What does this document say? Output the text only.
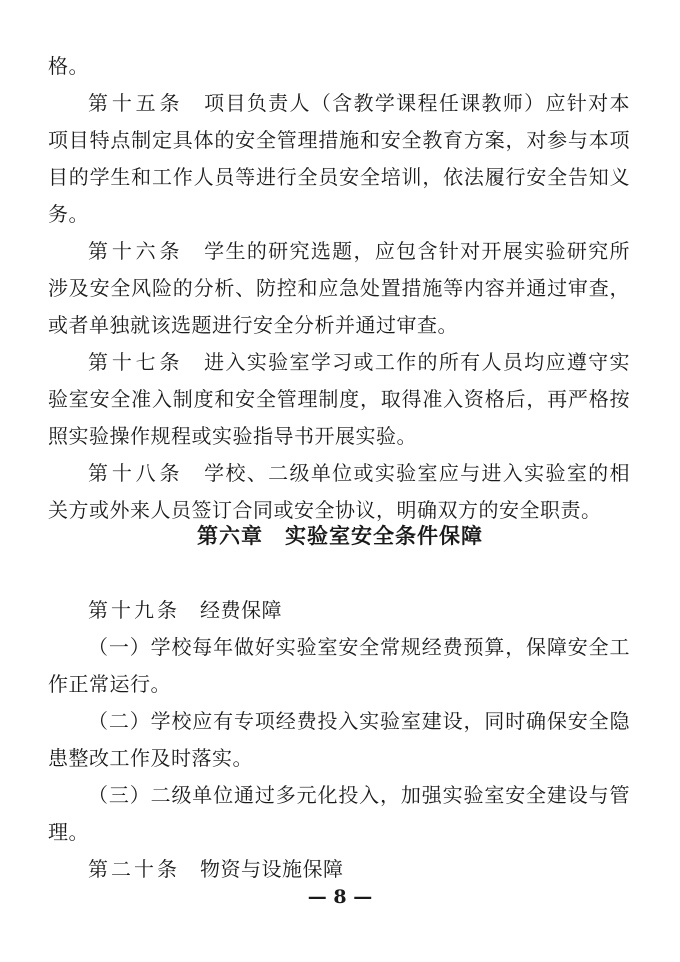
格。

第十五条 项目负责人（含教学课程任课教师）应针对本项目特点制定具体的安全管理措施和安全教育方案，对参与本项目的学生和工作人员等进行全员安全培训，依法履行安全告知义务。

第十六条 学生的研究选题，应包含针对开展实验研究所涉及安全风险的分析、防控和应急处置措施等内容并通过审查，或者单独就该选题进行安全分析并通过审查。

第十七条 进入实验室学习或工作的所有人员均应遵守实验室安全准入制度和安全管理制度，取得准入资格后，再严格按照实验操作规程或实验指导书开展实验。

第十八条 学校、二级单位或实验室应与进入实验室的相关方或外来人员签订合同或安全协议，明确双方的安全职责。

第六章 实验室安全条件保障

第十九条 经费保障

（一）学校每年做好实验室安全常规经费预算，保障安全工作正常运行。

（二）学校应有专项经费投入实验室建设，同时确保安全隐患整改工作及时落实。

（三）二级单位通过多元化投入，加强实验室安全建设与管理。

第二十条 物资与设施保障

— 8 —
